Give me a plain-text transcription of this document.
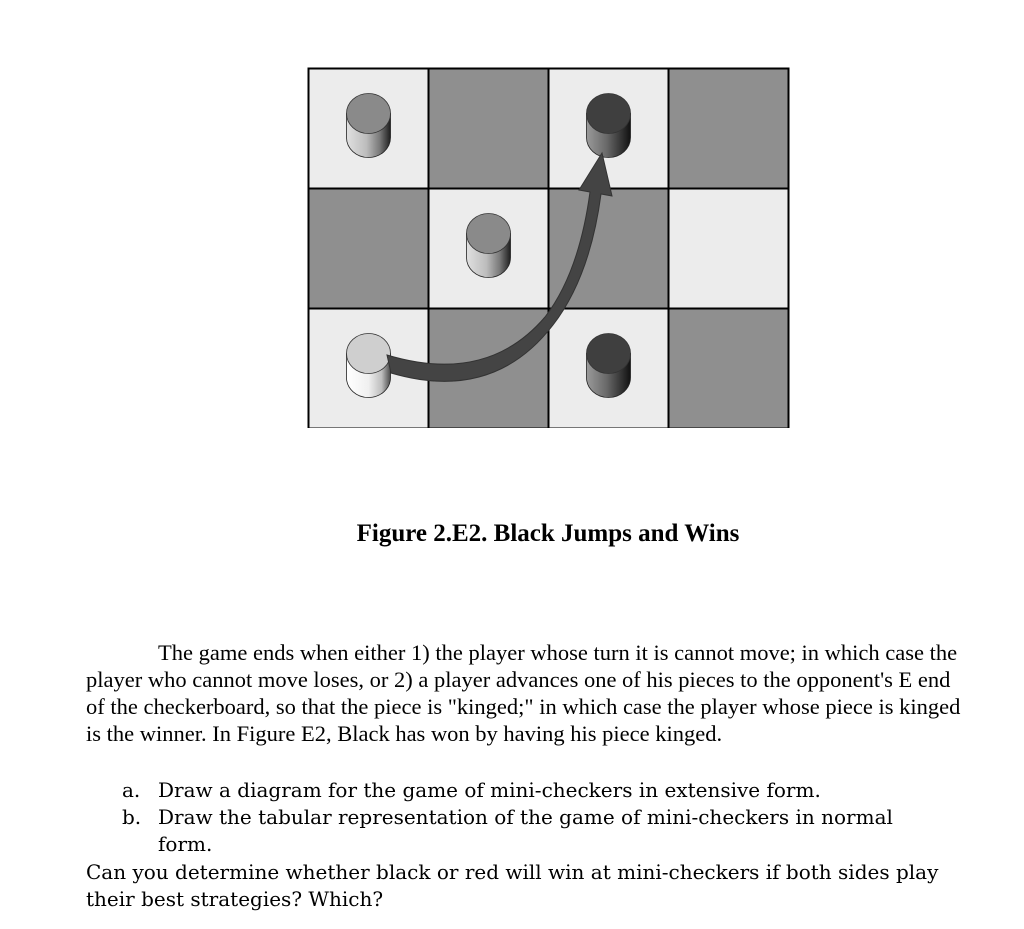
Figure 2.E2. Black Jumps and Wins

The game ends when either 1) the player whose turn it is cannot move; in which case the player who cannot move loses, or 2) a player advances one of his pieces to the opponent's E end of the checkerboard, so that the piece is "kinged;" in which case the player whose piece is kinged is the winner. In Figure E2, Black has won by having his piece kinged.
a. Draw a diagram for the game of mini-checkers in extensive form.
b. Draw the tabular representation of the game of mini-checkers in normal form.

Can you determine whether black or red will win at mini-checkers if both sides play their best strategies? Which?
